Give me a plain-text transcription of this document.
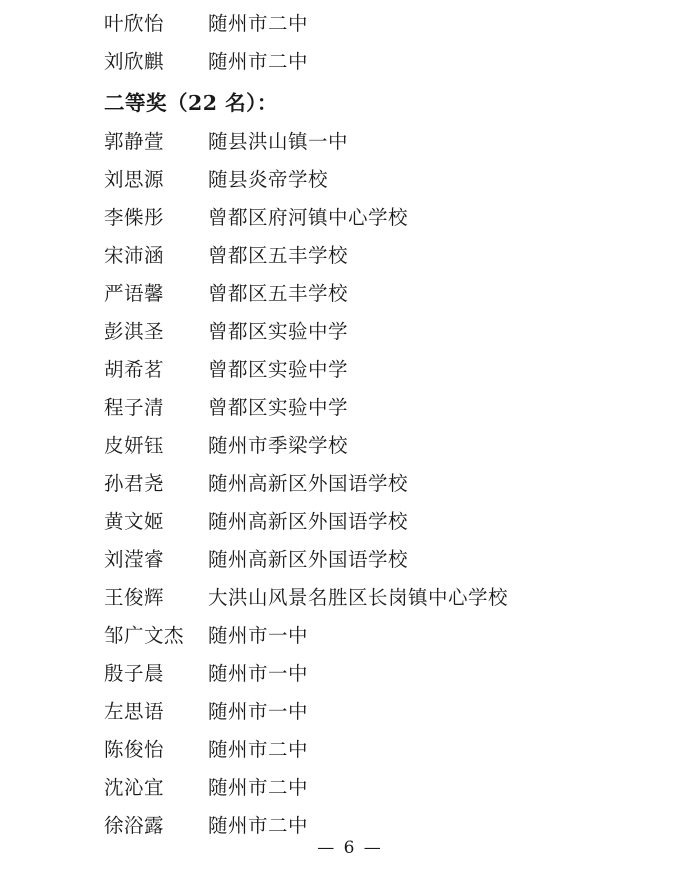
叶欣怡	随州市二中
刘欣麒	随州市二中
二等奖（22 名）：
郭静萱	随县洪山镇一中
刘思源	随县炎帝学校
李偨彤	曾都区府河镇中心学校
宋沛涵	曾都区五丰学校
严语馨	曾都区五丰学校
彭淇圣	曾都区实验中学
胡希茗	曾都区实验中学
程子清	曾都区实验中学
皮妍钰	随州市季梁学校
孙君尧	随州高新区外国语学校
黄文姬	随州高新区外国语学校
刘滢睿	随州高新区外国语学校
王俊辉	大洪山风景名胜区长岗镇中心学校
邹广文杰	随州市一中
殷子晨	随州市一中
左思语	随州市一中
陈俊怡	随州市二中
沈沁宜	随州市二中
徐浴露	随州市二中
— 6 —
